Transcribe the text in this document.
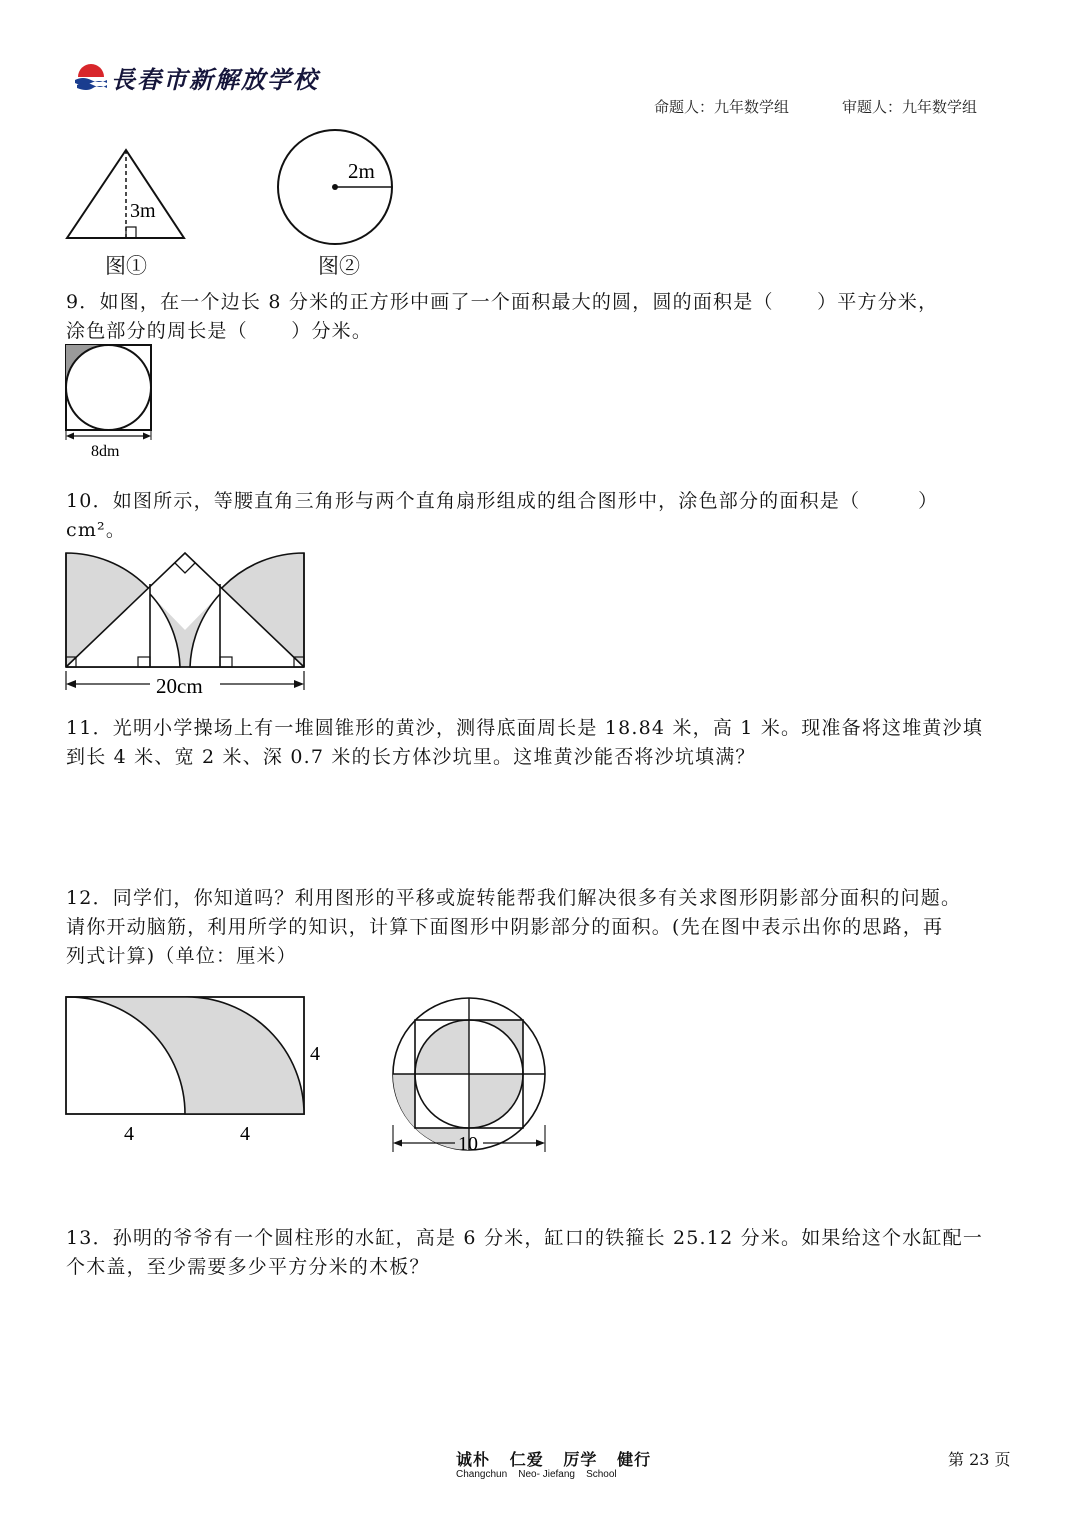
長春市新解放学校
命题人：九年数学组	审题人：九年数学组
3m
图①
2m
图②
9．如图，在一个边长 8 分米的正方形中画了一个面积最大的圆，圆的面积是（      ）平方分米，
涂色部分的周长是（      ）分米。
8dm
10．如图所示，等腰直角三角形与两个直角扇形组成的组合图形中，涂色部分的面积是（        ）
cm²。
20cm
11．光明小学操场上有一堆圆锥形的黄沙，测得底面周长是 18.84 米，高 1 米。现准备将这堆黄沙填
到长 4 米、宽 2 米、深 0.7 米的长方体沙坑里。这堆黄沙能否将沙坑填满？
12．同学们，你知道吗？利用图形的平移或旋转能帮我们解决很多有关求图形阴影部分面积的问题。
请你开动脑筋，利用所学的知识，计算下面图形中阴影部分的面积。(先在图中表示出你的思路，再
列式计算)（单位：厘米）
4	4
4
10
13．孙明的爷爷有一个圆柱形的水缸，高是 6 分米，缸口的铁箍长 25.12 分米。如果给这个水缸配一
个木盖，至少需要多少平方分米的木板？
诚朴   仁爱   厉学   健行
Changchun    Neo- Jiefang    School
第 23 页
